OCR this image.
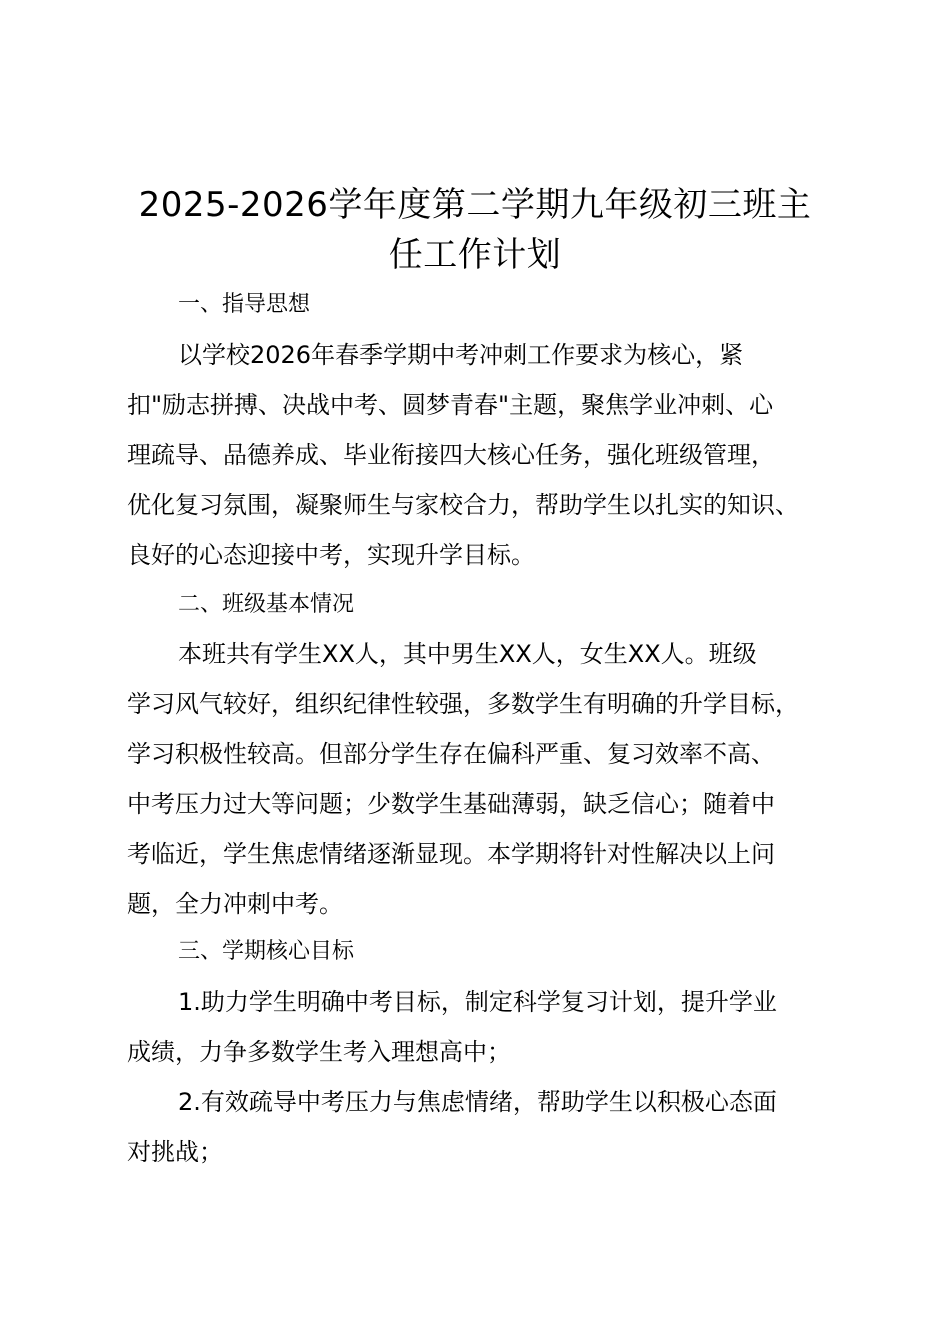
2025-2026学年度第二学期九年级初三班主
任工作计划
一、指导思想

以学校2026年春季学期中考冲刺工作要求为核心，紧
扣"励志拼搏、决战中考、圆梦青春"主题，聚焦学业冲刺、心
理疏导、品德养成、毕业衔接四大核心任务，强化班级管理，
优化复习氛围，凝聚师生与家校合力，帮助学生以扎实的知识、
良好的心态迎接中考，实现升学目标。

二、班级基本情况

本班共有学生XX人，其中男生XX人，女生XX人。班级
学习风气较好，组织纪律性较强，多数学生有明确的升学目标，
学习积极性较高。但部分学生存在偏科严重、复习效率不高、
中考压力过大等问题；少数学生基础薄弱，缺乏信心；随着中
考临近，学生焦虑情绪逐渐显现。本学期将针对性解决以上问
题，全力冲刺中考。

三、学期核心目标

1.助力学生明确中考目标，制定科学复习计划，提升学业
成绩，力争多数学生考入理想高中；

2.有效疏导中考压力与焦虑情绪，帮助学生以积极心态面
对挑战；
